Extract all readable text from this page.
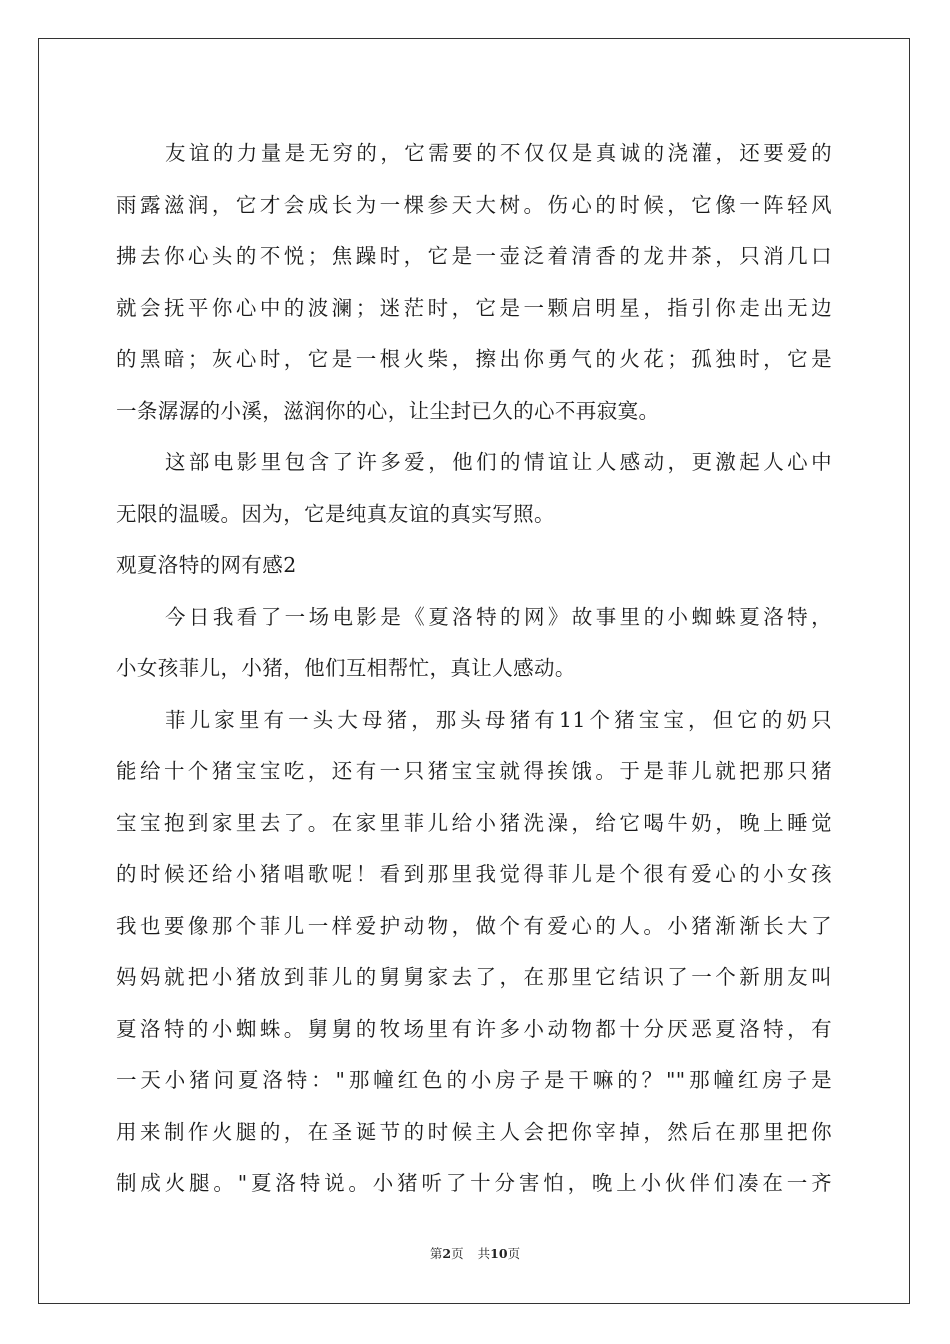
友谊的力量是无穷的，它需要的不仅仅是真诚的浇灌，还要爱的
雨露滋润，它才会成长为一棵参天大树。伤心的时候，它像一阵轻风
拂去你心头的不悦；焦躁时，它是一壶泛着清香的龙井茶，只消几口
就会抚平你心中的波澜；迷茫时，它是一颗启明星，指引你走出无边
的黑暗；灰心时，它是一根火柴，擦出你勇气的火花；孤独时，它是
一条潺潺的小溪，滋润你的心，让尘封已久的心不再寂寞。
这部电影里包含了许多爱，他们的情谊让人感动，更激起人心中
无限的温暖。因为，它是纯真友谊的真实写照。
观夏洛特的网有感2
今日我看了一场电影是《夏洛特的网》故事里的小蜘蛛夏洛特，
小女孩菲儿，小猪，他们互相帮忙，真让人感动。
菲儿家里有一头大母猪，那头母猪有11个猪宝宝，但它的奶只
能给十个猪宝宝吃，还有一只猪宝宝就得挨饿。于是菲儿就把那只猪
宝宝抱到家里去了。在家里菲儿给小猪洗澡，给它喝牛奶，晚上睡觉
的时候还给小猪唱歌呢！看到那里我觉得菲儿是个很有爱心的小女孩
我也要像那个菲儿一样爱护动物，做个有爱心的人。小猪渐渐长大了
妈妈就把小猪放到菲儿的舅舅家去了，在那里它结识了一个新朋友叫
夏洛特的小蜘蛛。舅舅的牧场里有许多小动物都十分厌恶夏洛特，有
一天小猪问夏洛特："那幢红色的小房子是干嘛的？""那幢红房子是
用来制作火腿的，在圣诞节的时候主人会把你宰掉，然后在那里把你
制成火腿。"夏洛特说。小猪听了十分害怕，晚上小伙伴们凑在一齐
第2页 共10页
